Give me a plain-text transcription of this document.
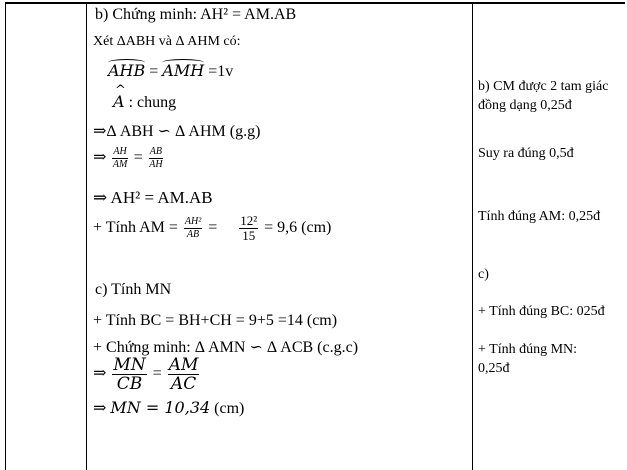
b) Chứng minh: AH² = AM.AB
Xét ΔABH và Δ AHM có:
AHB = AMH =1v
^ A : chung
⇒Δ ABH ∽ Δ AHM (g.g)
⇒ $\frac{AH}{AM} = \frac{AB}{AH}$
⇒ AH² = AM.AB
+ Tính AM = $\frac{\text{AH²}}{AB} = \frac{\text{12²}}{15} = 9,6$ (cm)
c) Tính MN
+ Tính BC = BH+CH = 9+5 =14 (cm)
+ Chứng minh: Δ AMN ∽ Δ ACB (c.g.c)
⇒ $\frac{MN}{CB} = \frac{AM}{AC}$
⇒ MN = 10,34 (cm)
b) CM được 2 tam giác đồng dạng 0,25đ
Suy ra đúng 0,5đ
Tính đúng AM: 0,25đ
c)
+ Tính đúng BC: 025đ
+ Tính đúng MN: 0,25đ
